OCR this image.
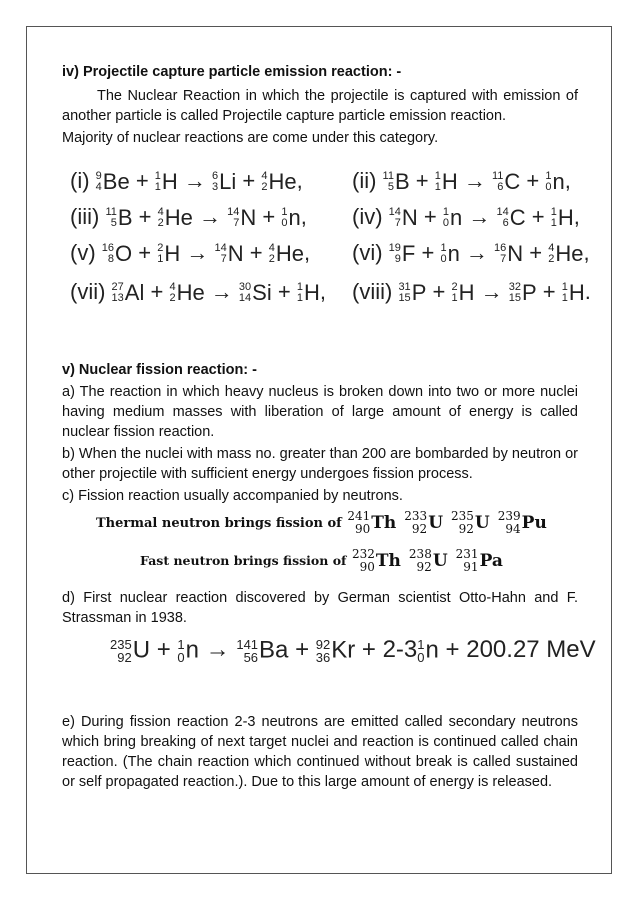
iv) Projectile capture particle emission reaction: -
The Nuclear Reaction in which the projectile is captured with emission of another particle is called Projectile capture particle emission reaction.
Majority of nuclear reactions are come under this category.
(i) 9
4 Be + 1
1 H → 6
3 Li + 4
2 He, (ii) 11
5 B + 1
1 H → 11
6 C + 1
0 n,
(iii) 11
5 B + 4
2 He → 14
7 N + 1
0 n, (iv) 14
7 N + 1
0 n → 14
6 C + 1
1 H,
(v) 16
8 O + 2
1 H → 14
7 N + 4
2 He, (vi) 19
9 F + 1
0 n → 16
7 N + 4
2 He,
(vii) 27
13 Al + 4
2 He → 30
14 Si + 1
1 H, (viii) 31
15 P + 2
1 H → 32
15 P + 1
1 H.
v) Nuclear fission reaction: -
a) The reaction in which heavy nucleus is broken down into two or more nuclei having medium masses with liberation of large amount of energy is called nuclear fission reaction.
b) When the nuclei with mass no. greater than 200 are bombarded by neutron or other projectile with sufficient energy undergoes fission process.
c) Fission reaction usually accompanied by neutrons.
Thermal neutron brings fission of
241
90 Th 233
92 U 235
92 U 239
94 Pu
Fast neutron brings fission of 232
90 Th 238
92 U 231
91 Pa
d) First nuclear reaction discovered by German scientist Otto-Hahn and F. Strassman in 1938.
235
92 U + 1
0 n → 141
56 Ba + 92
36 Kr + 2-3 1
0 n + 200.27 MeV
e) During fission reaction 2-3 neutrons are emitted called secondary neutrons which bring breaking of next target nuclei and reaction is continued called chain reaction. (The chain reaction which continued without break is called sustained or self propagated reaction.). Due to this large amount of energy is released.
